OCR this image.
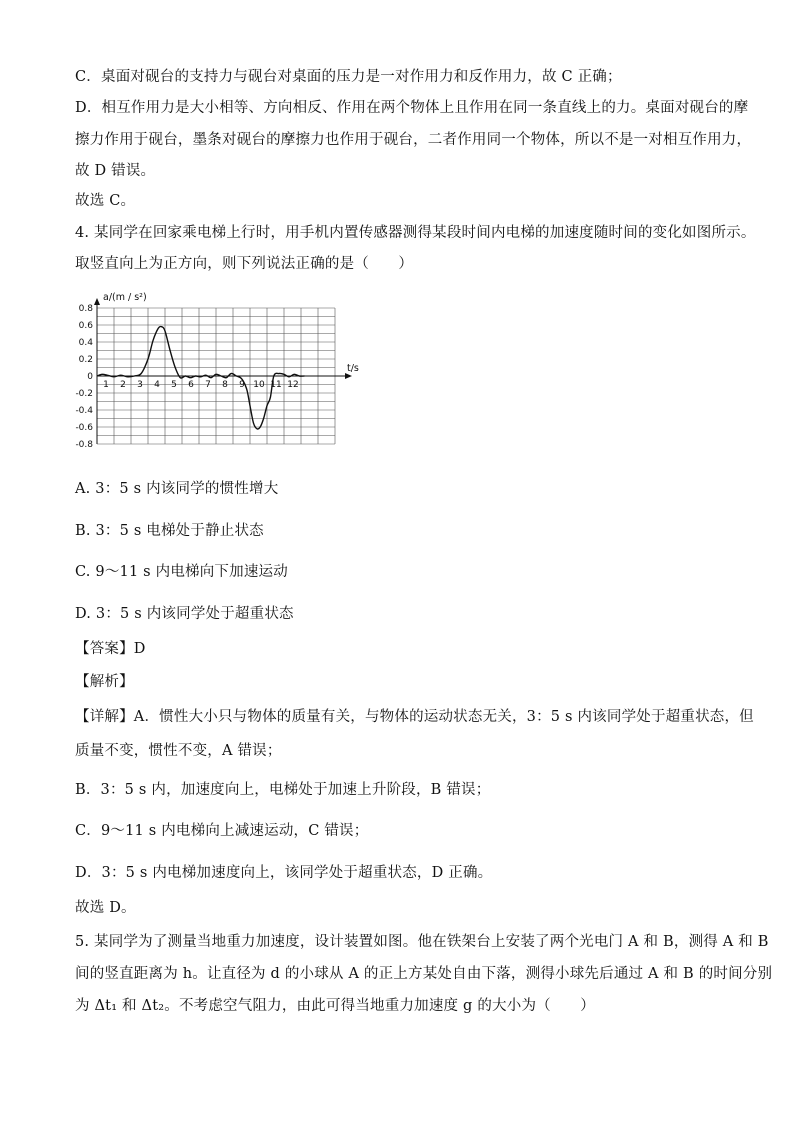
C．桌面对砚台的支持力与砚台对桌面的压力是一对作用力和反作用力，故 C 正确；
D．相互作用力是大小相等、方向相反、作用在两个物体上且作用在同一条直线上的力。桌面对砚台的摩
擦力作用于砚台，墨条对砚台的摩擦力也作用于砚台，二者作用同一个物体，所以不是一对相互作用力，
故 D 错误。
故选 C。
4. 某同学在回家乘电梯上行时，用手机内置传感器测得某段时间内电梯的加速度随时间的变化如图所示。
取竖直向上为正方向，则下列说法正确的是（　　）
0.8
0.6
0.4
0.2
0
-0.2
-0.4
-0.6
-0.8
1 2 3 4 5 6 7 8 9 10 11 12
a/(m / s²)
t/s
A. 3：5 s 内该同学的惯性增大
B. 3：5 s 电梯处于静止状态
C. 9～11 s 内电梯向下加速运动
D. 3：5 s 内该同学处于超重状态
【答案】D
【解析】
【详解】A．惯性大小只与物体的质量有关，与物体的运动状态无关，3：5 s 内该同学处于超重状态，但
质量不变，惯性不变，A 错误；
B．3：5 s 内，加速度向上，电梯处于加速上升阶段，B 错误；
C．9～11 s 内电梯向上减速运动，C 错误；
D．3：5 s 内电梯加速度向上，该同学处于超重状态，D 正确。
故选 D。
5. 某同学为了测量当地重力加速度，设计装置如图。他在铁架台上安装了两个光电门 A 和 B，测得 A 和 B
间的竖直距离为 h。让直径为 d 的小球从 A 的正上方某处自由下落，测得小球先后通过 A 和 B 的时间分别
为 Δt₁ 和 Δt₂。不考虑空气阻力，由此可得当地重力加速度 g 的大小为（　　）
